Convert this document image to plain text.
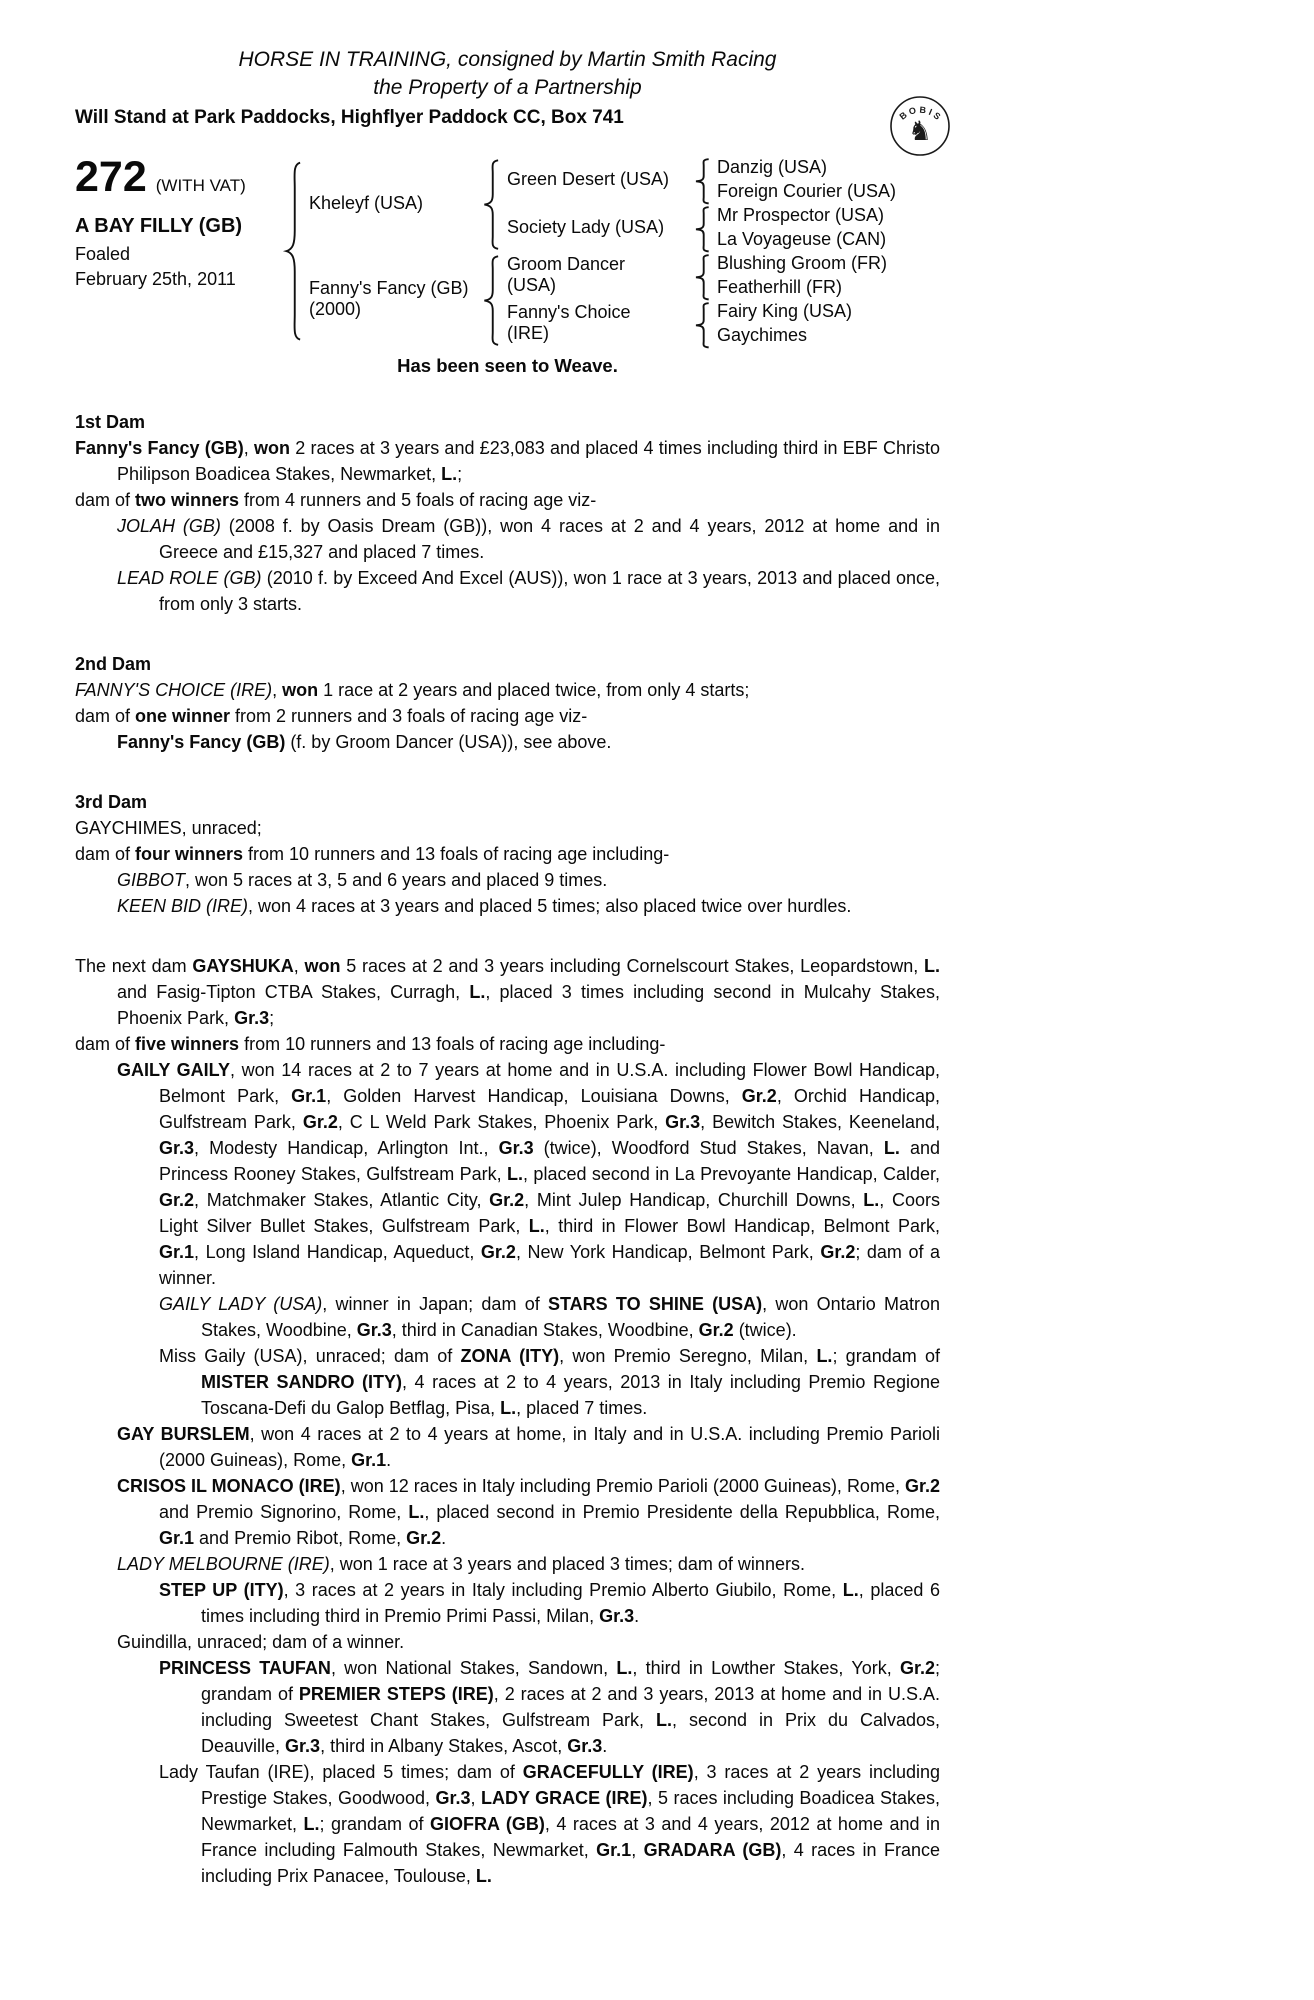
HORSE IN TRAINING, consigned by Martin Smith Racing
the Property of a Partnership
Will Stand at Park Paddocks, Highflyer Paddock CC, Box 741	B O B I S
♞
272 (WITH VAT)
A BAY FILLY (GB)
Foaled
February 25th, 2011
Kheleyf (USA)
Fanny's Fancy (GB)
(2000)
Green Desert (USA)
Society Lady (USA)
Groom Dancer
(USA)
Fanny's Choice
(IRE)
Danzig (USA)
Foreign Courier (USA)
Mr Prospector (USA)
La Voyageuse (CAN)
Blushing Groom (FR)
Featherhill (FR)
Fairy King (USA)
Gaychimes
Has been seen to Weave.
1st Dam

Fanny's Fancy (GB), won 2 races at 3 years and £23,083 and placed 4 times including third in EBF Christo Philipson Boadicea Stakes, Newmarket, L.;

dam of two winners from 4 runners and 5 foals of racing age viz-

JOLAH (GB) (2008 f. by Oasis Dream (GB)), won 4 races at 2 and 4 years, 2012 at home and in Greece and £15,327 and placed 7 times.

LEAD ROLE (GB) (2010 f. by Exceed And Excel (AUS)), won 1 race at 3 years, 2013 and placed once, from only 3 starts.

2nd Dam

FANNY'S CHOICE (IRE), won 1 race at 2 years and placed twice, from only 4 starts;

dam of one winner from 2 runners and 3 foals of racing age viz-

Fanny's Fancy (GB) (f. by Groom Dancer (USA)), see above.

3rd Dam

GAYCHIMES, unraced;

dam of four winners from 10 runners and 13 foals of racing age including-

GIBBOT, won 5 races at 3, 5 and 6 years and placed 9 times.

KEEN BID (IRE), won 4 races at 3 years and placed 5 times; also placed twice over hurdles.

The next dam GAYSHUKA, won 5 races at 2 and 3 years including Cornelscourt Stakes, Leopardstown, L. and Fasig-Tipton CTBA Stakes, Curragh, L., placed 3 times including second in Mulcahy Stakes, Phoenix Park, Gr.3;

dam of five winners from 10 runners and 13 foals of racing age including-

GAILY GAILY, won 14 races at 2 to 7 years at home and in U.S.A. including Flower Bowl Handicap, Belmont Park, Gr.1, Golden Harvest Handicap, Louisiana Downs, Gr.2, Orchid Handicap, Gulfstream Park, Gr.2, C L Weld Park Stakes, Phoenix Park, Gr.3, Bewitch Stakes, Keeneland, Gr.3, Modesty Handicap, Arlington Int., Gr.3 (twice), Woodford Stud Stakes, Navan, L. and Princess Rooney Stakes, Gulfstream Park, L., placed second in La Prevoyante Handicap, Calder, Gr.2, Matchmaker Stakes, Atlantic City, Gr.2, Mint Julep Handicap, Churchill Downs, L., Coors Light Silver Bullet Stakes, Gulfstream Park, L., third in Flower Bowl Handicap, Belmont Park, Gr.1, Long Island Handicap, Aqueduct, Gr.2, New York Handicap, Belmont Park, Gr.2; dam of a winner.

GAILY LADY (USA), winner in Japan; dam of STARS TO SHINE (USA), won Ontario Matron Stakes, Woodbine, Gr.3, third in Canadian Stakes, Woodbine, Gr.2 (twice).

Miss Gaily (USA), unraced; dam of ZONA (ITY), won Premio Seregno, Milan, L.; grandam of MISTER SANDRO (ITY), 4 races at 2 to 4 years, 2013 in Italy including Premio Regione Toscana-Defi du Galop Betflag, Pisa, L., placed 7 times.

GAY BURSLEM, won 4 races at 2 to 4 years at home, in Italy and in U.S.A. including Premio Parioli (2000 Guineas), Rome, Gr.1.

CRISOS IL MONACO (IRE), won 12 races in Italy including Premio Parioli (2000 Guineas), Rome, Gr.2 and Premio Signorino, Rome, L., placed second in Premio Presidente della Repubblica, Rome, Gr.1 and Premio Ribot, Rome, Gr.2.

LADY MELBOURNE (IRE), won 1 race at 3 years and placed 3 times; dam of winners.

STEP UP (ITY), 3 races at 2 years in Italy including Premio Alberto Giubilo, Rome, L., placed 6 times including third in Premio Primi Passi, Milan, Gr.3.

Guindilla, unraced; dam of a winner.

PRINCESS TAUFAN, won National Stakes, Sandown, L., third in Lowther Stakes, York, Gr.2; grandam of PREMIER STEPS (IRE), 2 races at 2 and 3 years, 2013 at home and in U.S.A. including Sweetest Chant Stakes, Gulfstream Park, L., second in Prix du Calvados, Deauville, Gr.3, third in Albany Stakes, Ascot, Gr.3.

Lady Taufan (IRE), placed 5 times; dam of GRACEFULLY (IRE), 3 races at 2 years including Prestige Stakes, Goodwood, Gr.3, LADY GRACE (IRE), 5 races including Boadicea Stakes, Newmarket, L.; grandam of GIOFRA (GB), 4 races at 3 and 4 years, 2012 at home and in France including Falmouth Stakes, Newmarket, Gr.1, GRADARA (GB), 4 races in France including Prix Panacee, Toulouse, L.
